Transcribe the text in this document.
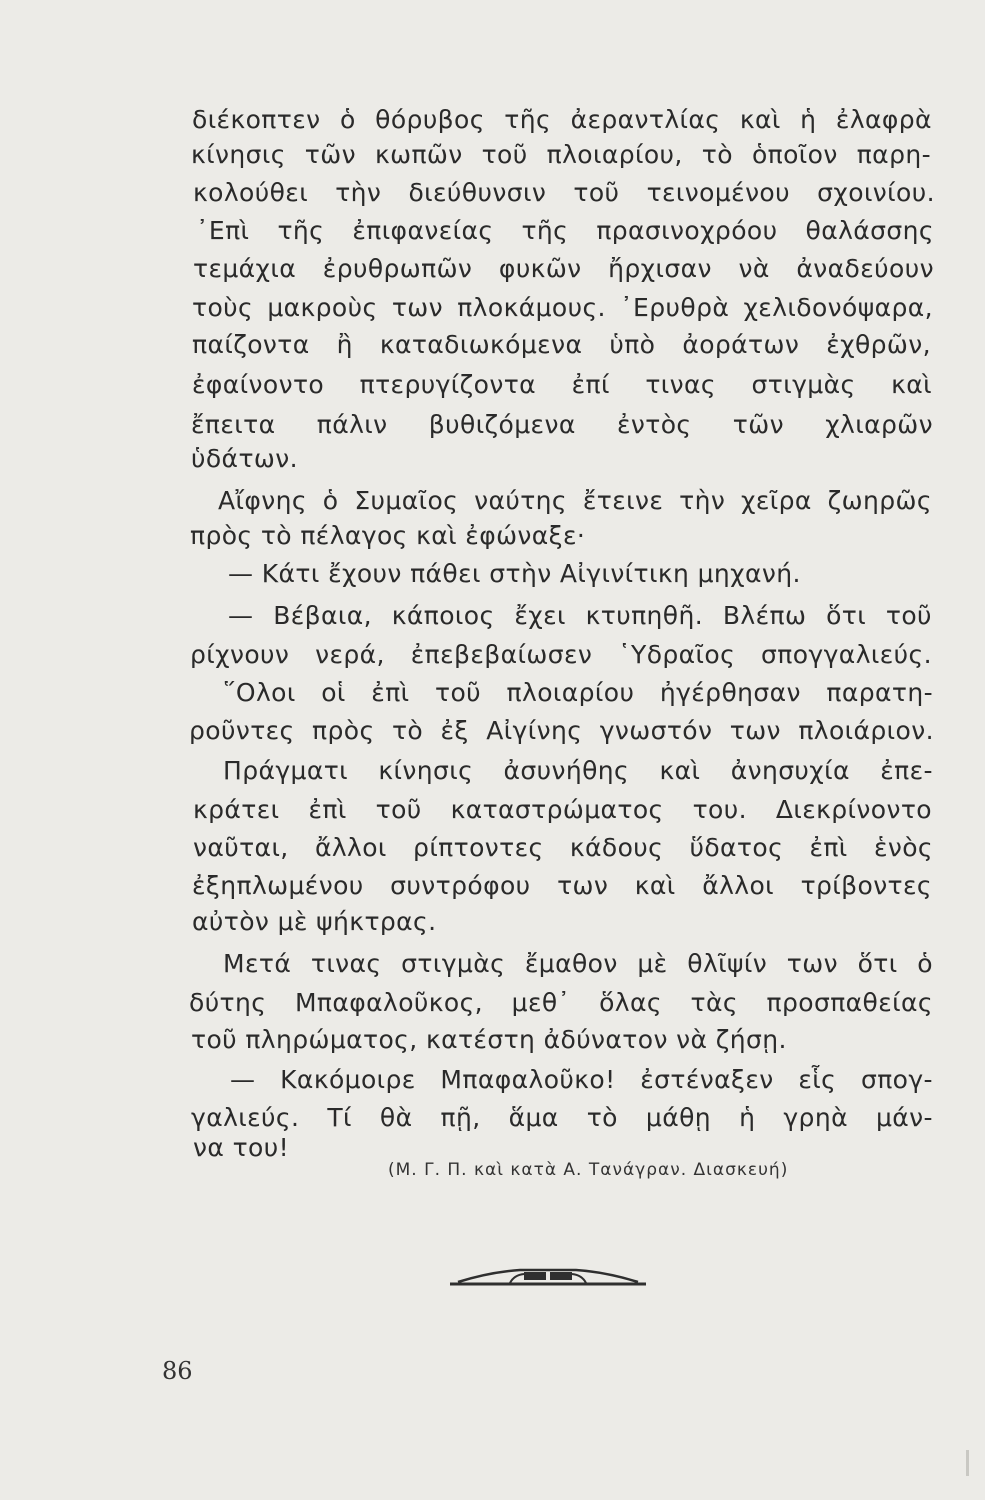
διέκοπτεν ὁ θόρυβος τῆς ἀεραντλίας καὶ ἡ ἐλαφρὰ
κίνησις τῶν κωπῶν τοῦ πλοιαρίου, τὸ ὁποῖον παρη-
κολούθει τὴν διεύθυνσιν τοῦ τεινομένου σχοινίου.
᾿Επὶ τῆς ἐπιφανείας τῆς πρασινοχρόου θαλάσσης
τεμάχια ἐρυθρωπῶν φυκῶν ἤρχισαν νὰ ἀναδεύουν
τοὺς μακροὺς των πλοκάμους. ᾿Ερυθρὰ χελιδονόψαρα,
παίζοντα ἢ καταδιωκόμενα ὑπὸ ἀοράτων ἐχθρῶν,
ἐφαίνοντο πτερυγίζοντα ἐπί τινας στιγμὰς καὶ
ἔπειτα πάλιν βυθιζόμενα ἐντὸς τῶν χλιαρῶν
ὑδάτων.
Αἴφνης ὁ Συμαῖος ναύτης ἔτεινε τὴν χεῖρα ζωηρῶς
πρὸς τὸ πέλαγος καὶ ἐφώναξε·
— Κάτι ἔχουν πάθει στὴν Αἰγινίτικη μηχανή.
— Βέβαια, κάποιος ἔχει κτυπηθῆ. Βλέπω ὅτι τοῦ
ρίχνουν νερά, ἐπεβεβαίωσεν ῾Υδραῖος σπογγαλιεύς.
῞Ολοι οἱ ἐπὶ τοῦ πλοιαρίου ἠγέρθησαν παρατη-
ροῦντες πρὸς τὸ ἐξ Αἰγίνης γνωστόν των πλοιάριον.
Πράγματι κίνησις ἀσυνήθης καὶ ἀνησυχία ἐπε-
κράτει ἐπὶ τοῦ καταστρώματος του. Διεκρίνοντο
ναῦται, ἄλλοι ρίπτοντες κάδους ὕδατος ἐπὶ ἑνὸς
ἐξηπλωμένου συντρόφου των καὶ ἄλλοι τρίβοντες
αὐτὸν μὲ ψήκτρας.
Μετά τινας στιγμὰς ἔμαθον μὲ θλῖψίν των ὅτι ὁ
δύτης Μπαφαλοῦκος, μεθ᾿ ὅλας τὰς προσπαθείας
τοῦ πληρώματος, κατέστη ἀδύνατον νὰ ζήσῃ.
— Κακόμοιρε Μπαφαλοῦκο! ἐστέναξεν εἷς σπογ-
γαλιεύς. Τί θὰ πῇ, ἅμα τὸ μάθῃ ἡ γρηὰ μάν-
να του!
(Μ. Γ. Π. καὶ κατὰ Α. Τανάγραν. Διασκευή)
86
